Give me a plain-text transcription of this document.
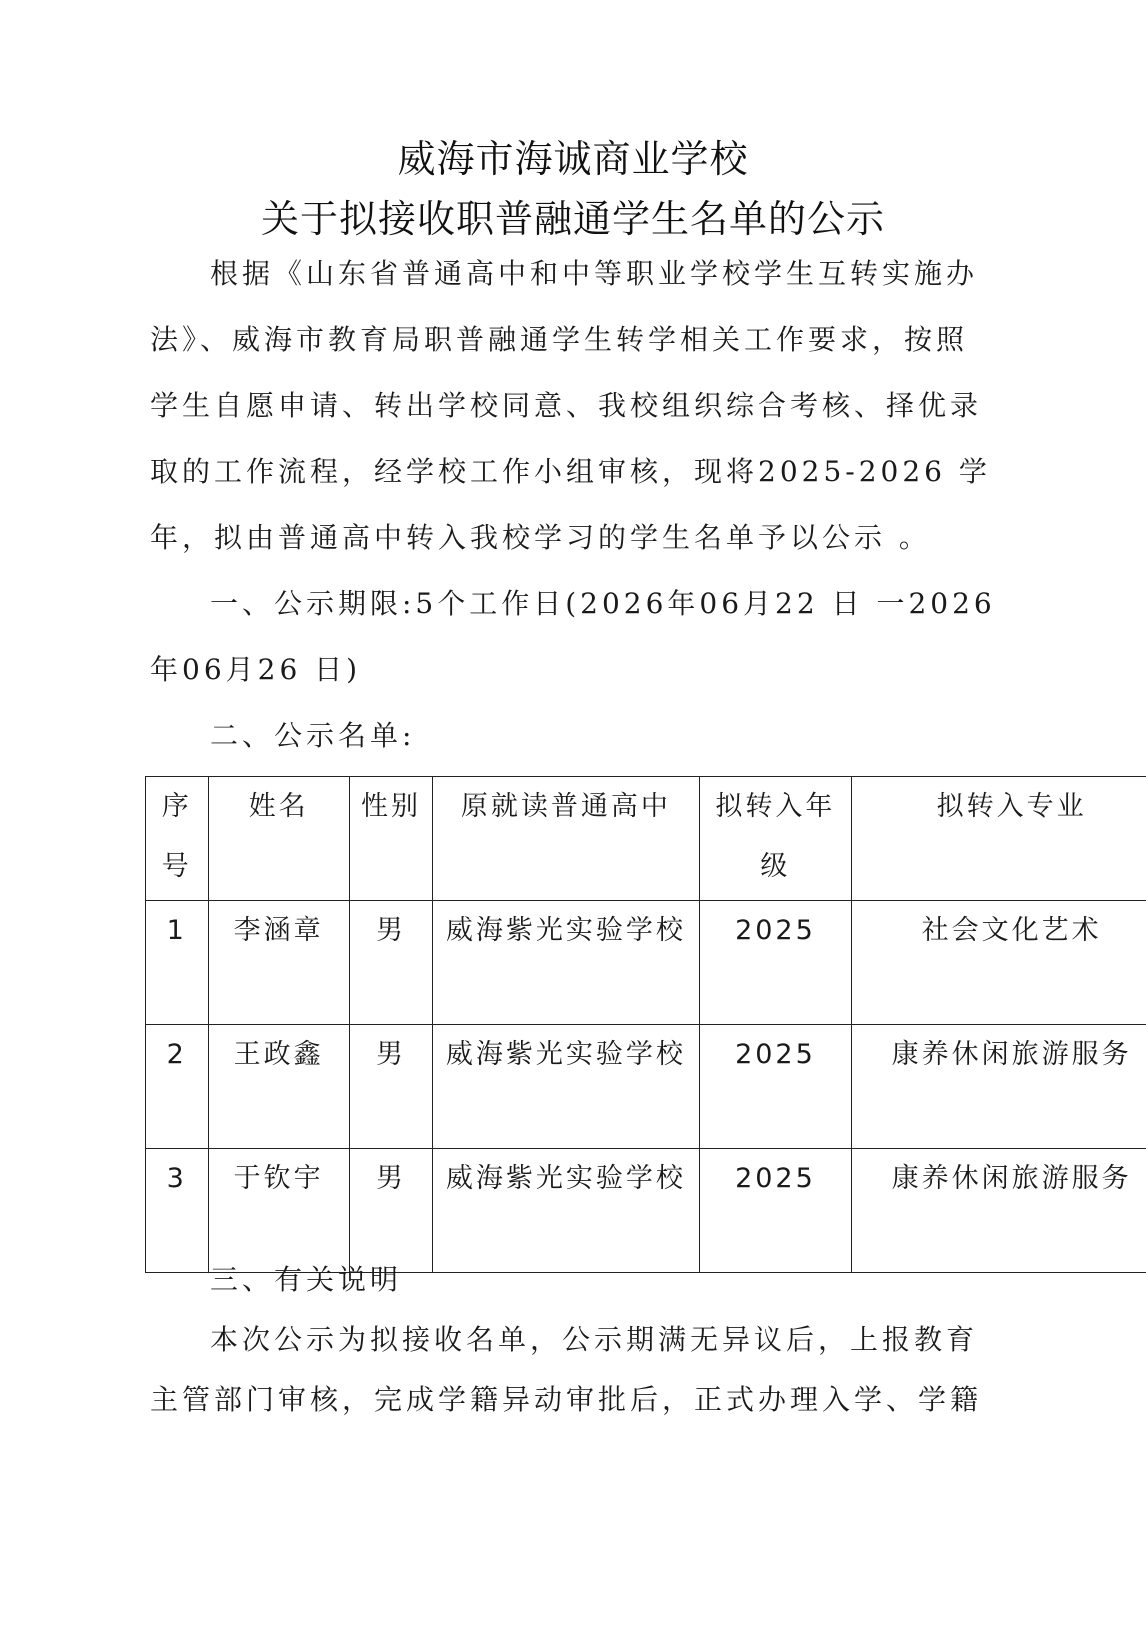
威海市海诚商业学校
关于拟接收职普融通学生名单的公示
根据《山东省普通高中和中等职业学校学生互转实施办
法》、威海市教育局职普融通学生转学相关工作要求，按照
学生自愿申请、转出学校同意、我校组织综合考核、择优录
取的工作流程，经学校工作小组审核，现将2025-2026 学
年，拟由普通高中转入我校学习的学生名单予以公示 。
一、公示期限:5个工作日(2026年06月22 日 一2026
年06月26 日)
二、公示名单:
序号	姓名	性别	原就读普通高中	拟转入年级	拟转入专业
1	李涵章	男	威海紫光实验学校	2025	社会文化艺术
2	王政鑫	男	威海紫光实验学校	2025	康养休闲旅游服务
3	于钦宇	男	威海紫光实验学校	2025	康养休闲旅游服务
三、有关说明
本次公示为拟接收名单，公示期满无异议后，上报教育
主管部门审核，完成学籍异动审批后，正式办理入学、学籍
